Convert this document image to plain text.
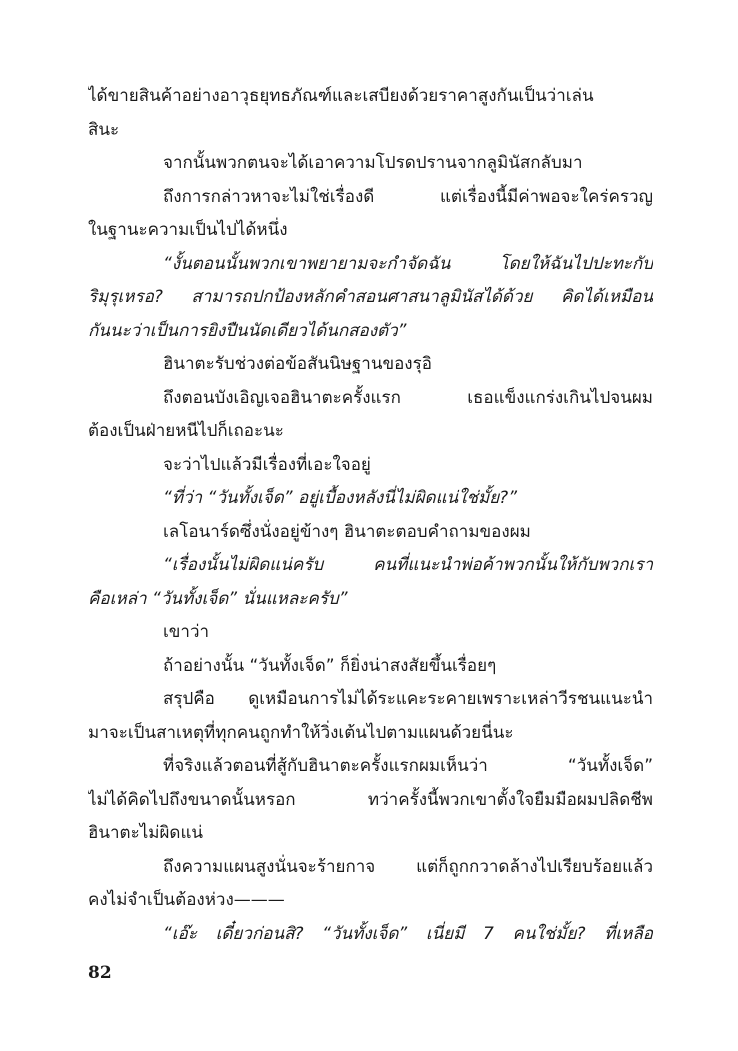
ได้ขายสินค้าอย่างอาวุธยุทธภัณฑ์และเสบียงด้วยราคาสูงกันเป็นว่าเล่น
สินะ
จากนั้นพวกตนจะได้เอาความโปรดปรานจากลูมินัสกลับมา
ถึงการกล่าวหาจะไม่ใช่เรื่องดี แต่เรื่องนี้มีค่าพอจะใคร่ครวญ
ในฐานะความเป็นไปได้หนึ่ง
“งั้นตอนนั้นพวกเขาพยายามจะกำจัดฉัน โดยให้ฉันไปปะทะกับ
ริมุรุเหรอ? สามารถปกป้องหลักคำสอนศาสนาลูมินัสได้ด้วย คิดได้เหมือน
กันนะว่าเป็นการยิงปืนนัดเดียวได้นกสองตัว”
ฮินาตะรับช่วงต่อข้อสันนิษฐานของรุอิ
ถึงตอนบังเอิญเจอฮินาตะครั้งแรก เธอแข็งแกร่งเกินไปจนผม
ต้องเป็นฝ่ายหนีไปก็เถอะนะ
จะว่าไปแล้วมีเรื่องที่เอะใจอยู่
“ที่ว่า “วันทั้งเจ็ด” อยู่เบื้องหลังนี่ไม่ผิดแน่ใช่มั้ย?”
เลโอนาร์ดซึ่งนั่งอยู่ข้างๆ ฮินาตะตอบคำถามของผม
“เรื่องนั้นไม่ผิดแน่ครับ คนที่แนะนำพ่อค้าพวกนั้นให้กับพวกเรา
คือเหล่า “วันทั้งเจ็ด” นั่นแหละครับ”
เขาว่า
ถ้าอย่างนั้น “วันทั้งเจ็ด” ก็ยิ่งน่าสงสัยขึ้นเรื่อยๆ
สรุปคือ ดูเหมือนการไม่ได้ระแคะระคายเพราะเหล่าวีรชนแนะนำ
มาจะเป็นสาเหตุที่ทุกคนถูกทำให้วิ่งเต้นไปตามแผนด้วยนี่นะ
ที่จริงแล้วตอนที่สู้กับฮินาตะครั้งแรกผมเห็นว่า “วันทั้งเจ็ด”
ไม่ได้คิดไปถึงขนาดนั้นหรอก ทว่าครั้งนี้พวกเขาตั้งใจยืมมือผมปลิดชีพ
ฮินาตะไม่ผิดแน่
ถึงความแผนสูงนั่นจะร้ายกาจ แต่ก็ถูกกวาดล้างไปเรียบร้อยแล้ว
คงไม่จำเป็นต้องห่วง———
“เอ๊ะ เดี๋ยวก่อนสิ? “วันทั้งเจ็ด” เนี่ยมี 7 คนใช่มั้ย? ที่เหลือ
82
